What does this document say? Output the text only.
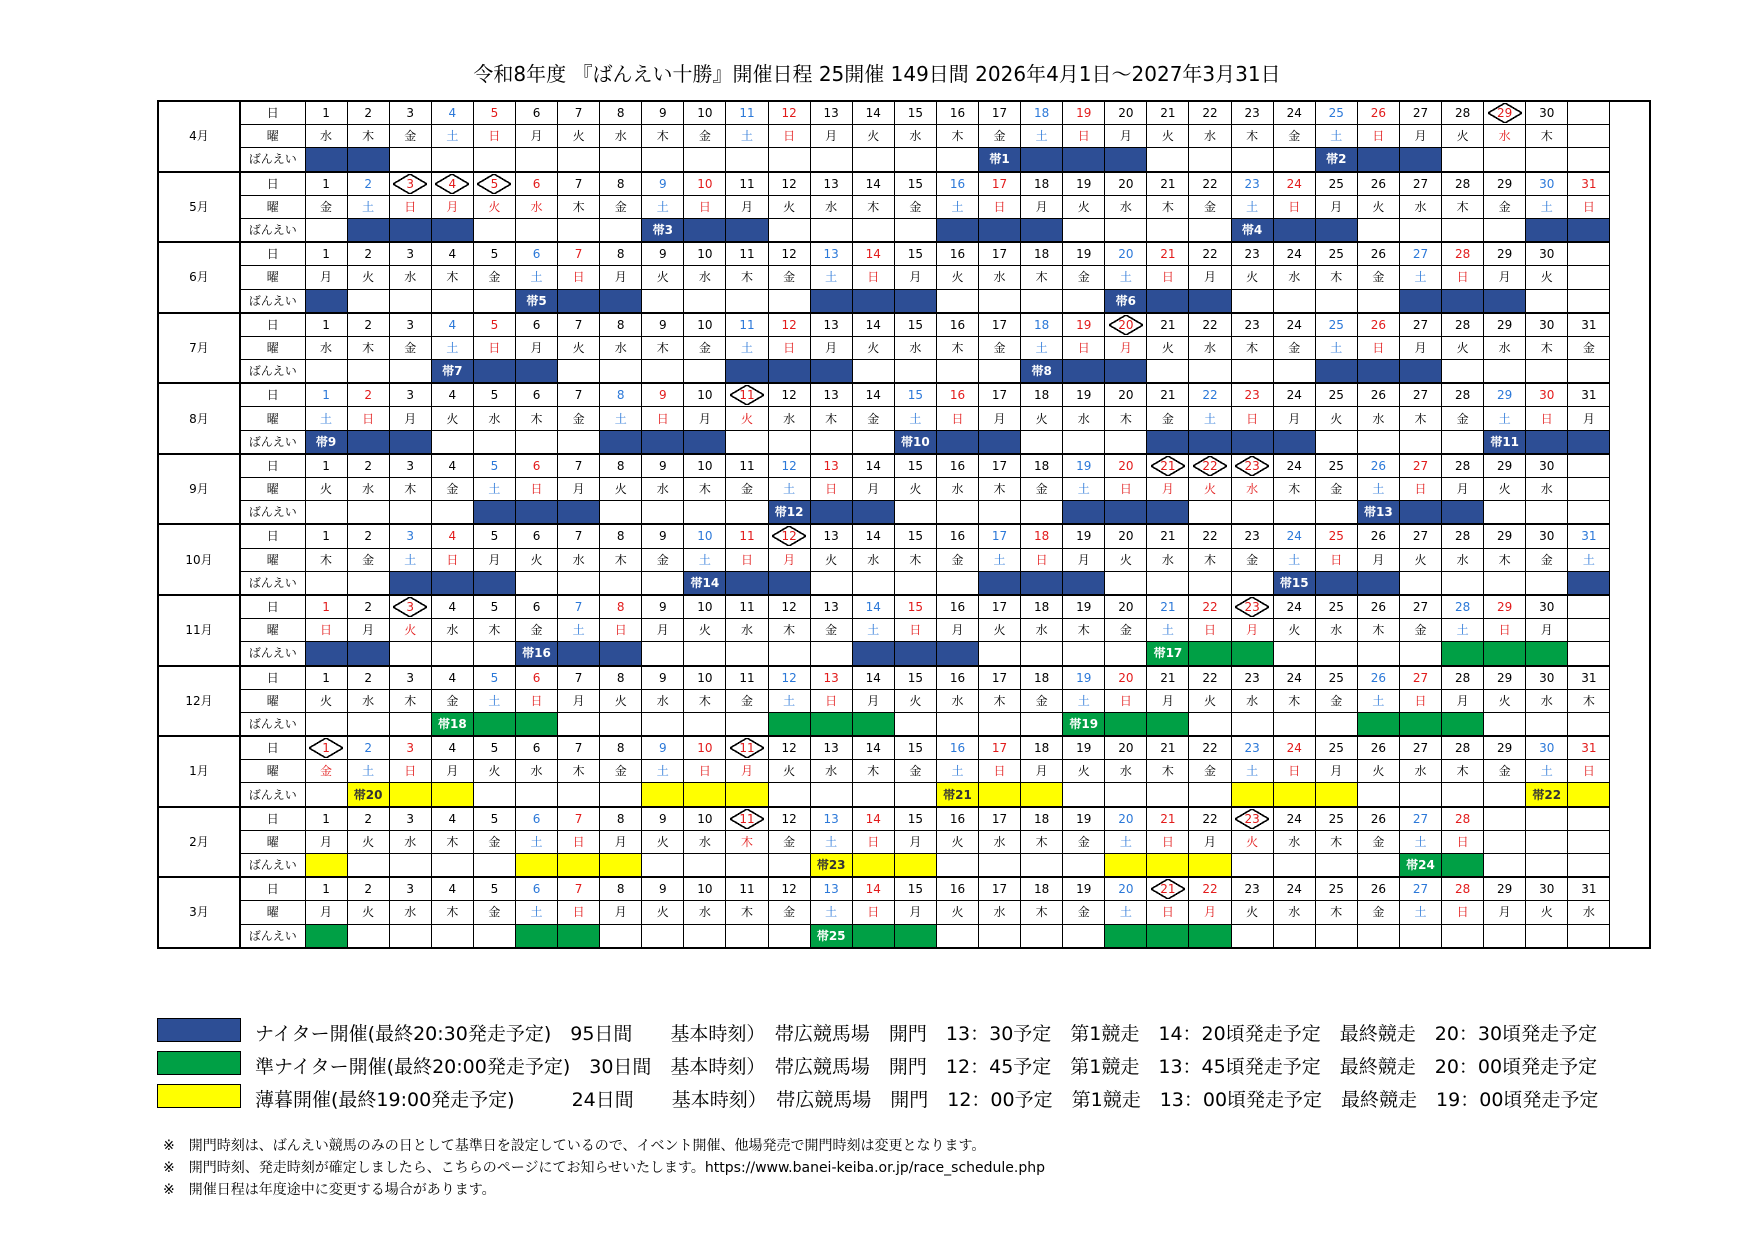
令和8年度 『ばんえい十勝』開催日程 25開催 149日間 2026年4月1日～2027年3月31日
4月	日	1	2	3	4	5	6	7	8	9	10	11	12	13	14	15	16	17	18	19	20	21	22	23	24	25	26	27	28	29	30	
	曜	水	木	金	土	日	月	火	水	木	金	土	日	月	火	水	木	金	土	日	月	火	水	木	金	土	日	月	火	水	木	
	ばんえい																	帯1								帯2						
5月	日	1	2	3	4	5	6	7	8	9	10	11	12	13	14	15	16	17	18	19	20	21	22	23	24	25	26	27	28	29	30	31
	曜	金	土	日	月	火	水	木	金	土	日	月	火	水	木	金	土	日	月	火	水	木	金	土	日	月	火	水	木	金	土	日
	ばんえい									帯3														帯4								
6月	日	1	2	3	4	5	6	7	8	9	10	11	12	13	14	15	16	17	18	19	20	21	22	23	24	25	26	27	28	29	30	
	曜	月	火	水	木	金	土	日	月	火	水	木	金	土	日	月	火	水	木	金	土	日	月	火	水	木	金	土	日	月	火	
	ばんえい						帯5														帯6											
7月	日	1	2	3	4	5	6	7	8	9	10	11	12	13	14	15	16	17	18	19	20	21	22	23	24	25	26	27	28	29	30	31
	曜	水	木	金	土	日	月	火	水	木	金	土	日	月	火	水	木	金	土	日	月	火	水	木	金	土	日	月	火	水	木	金
	ばんえい				帯7														帯8													
8月	日	1	2	3	4	5	6	7	8	9	10	11	12	13	14	15	16	17	18	19	20	21	22	23	24	25	26	27	28	29	30	31
	曜	土	日	月	火	水	木	金	土	日	月	火	水	木	金	土	日	月	火	水	木	金	土	日	月	火	水	木	金	土	日	月
	ばんえい	帯9														帯10														帯11		
9月	日	1	2	3	4	5	6	7	8	9	10	11	12	13	14	15	16	17	18	19	20	21	22	23	24	25	26	27	28	29	30	
	曜	火	水	木	金	土	日	月	火	水	木	金	土	日	月	火	水	木	金	土	日	月	火	水	木	金	土	日	月	火	水	
	ばんえい												帯12														帯13					
10月	日	1	2	3	4	5	6	7	8	9	10	11	12	13	14	15	16	17	18	19	20	21	22	23	24	25	26	27	28	29	30	31
	曜	木	金	土	日	月	火	水	木	金	土	日	月	火	水	木	金	土	日	月	火	水	木	金	土	日	月	火	水	木	金	土
	ばんえい										帯14														帯15							
11月	日	1	2	3	4	5	6	7	8	9	10	11	12	13	14	15	16	17	18	19	20	21	22	23	24	25	26	27	28	29	30	
	曜	日	月	火	水	木	金	土	日	月	火	水	木	金	土	日	月	火	水	木	金	土	日	月	火	水	木	金	土	日	月	
	ばんえい						帯16															帯17										
12月	日	1	2	3	4	5	6	7	8	9	10	11	12	13	14	15	16	17	18	19	20	21	22	23	24	25	26	27	28	29	30	31
	曜	火	水	木	金	土	日	月	火	水	木	金	土	日	月	火	水	木	金	土	日	月	火	水	木	金	土	日	月	火	水	木
	ばんえい				帯18															帯19												
1月	日	1	2	3	4	5	6	7	8	9	10	11	12	13	14	15	16	17	18	19	20	21	22	23	24	25	26	27	28	29	30	31
	曜	金	土	日	月	火	水	木	金	土	日	月	火	水	木	金	土	日	月	火	水	木	金	土	日	月	火	水	木	金	土	日
	ばんえい		帯20														帯21														帯22	
2月	日	1	2	3	4	5	6	7	8	9	10	11	12	13	14	15	16	17	18	19	20	21	22	23	24	25	26	27	28			
	曜	月	火	水	木	金	土	日	月	火	水	木	金	土	日	月	火	水	木	金	土	日	月	火	水	木	金	土	日			
	ばんえい													帯23														帯24				
3月	日	1	2	3	4	5	6	7	8	9	10	11	12	13	14	15	16	17	18	19	20	21	22	23	24	25	26	27	28	29	30	31
	曜	月	火	水	木	金	土	日	月	火	水	木	金	土	日	月	火	水	木	金	土	日	月	火	水	木	金	土	日	月	火	水
	ばんえい													帯25																		
ナイター開催(最終20:30発走予定)　95日間　　基本時刻）　帯広競馬場　開門　13：30予定　第1競走　14：20頃発走予定　最終競走　20：30頃発走予定
準ナイター開催(最終20:00発走予定)　30日間　基本時刻）　帯広競馬場　開門　12：45予定　第1競走　13：45頃発走予定　最終競走　20：00頃発走予定
薄暮開催(最終19:00発走予定)　　　24日間　　基本時刻）　帯広競馬場　開門　12：00予定　第1競走　13：00頃発走予定　最終競走　19：00頃発走予定
※　開門時刻は、ばんえい競馬のみの日として基準日を設定しているので、イベント開催、他場発売で開門時刻は変更となります。
※　開門時刻、発走時刻が確定しましたら、こちらのページにてお知らせいたします。https://www.banei-keiba.or.jp/race_schedule.php
※　開催日程は年度途中に変更する場合があります。
